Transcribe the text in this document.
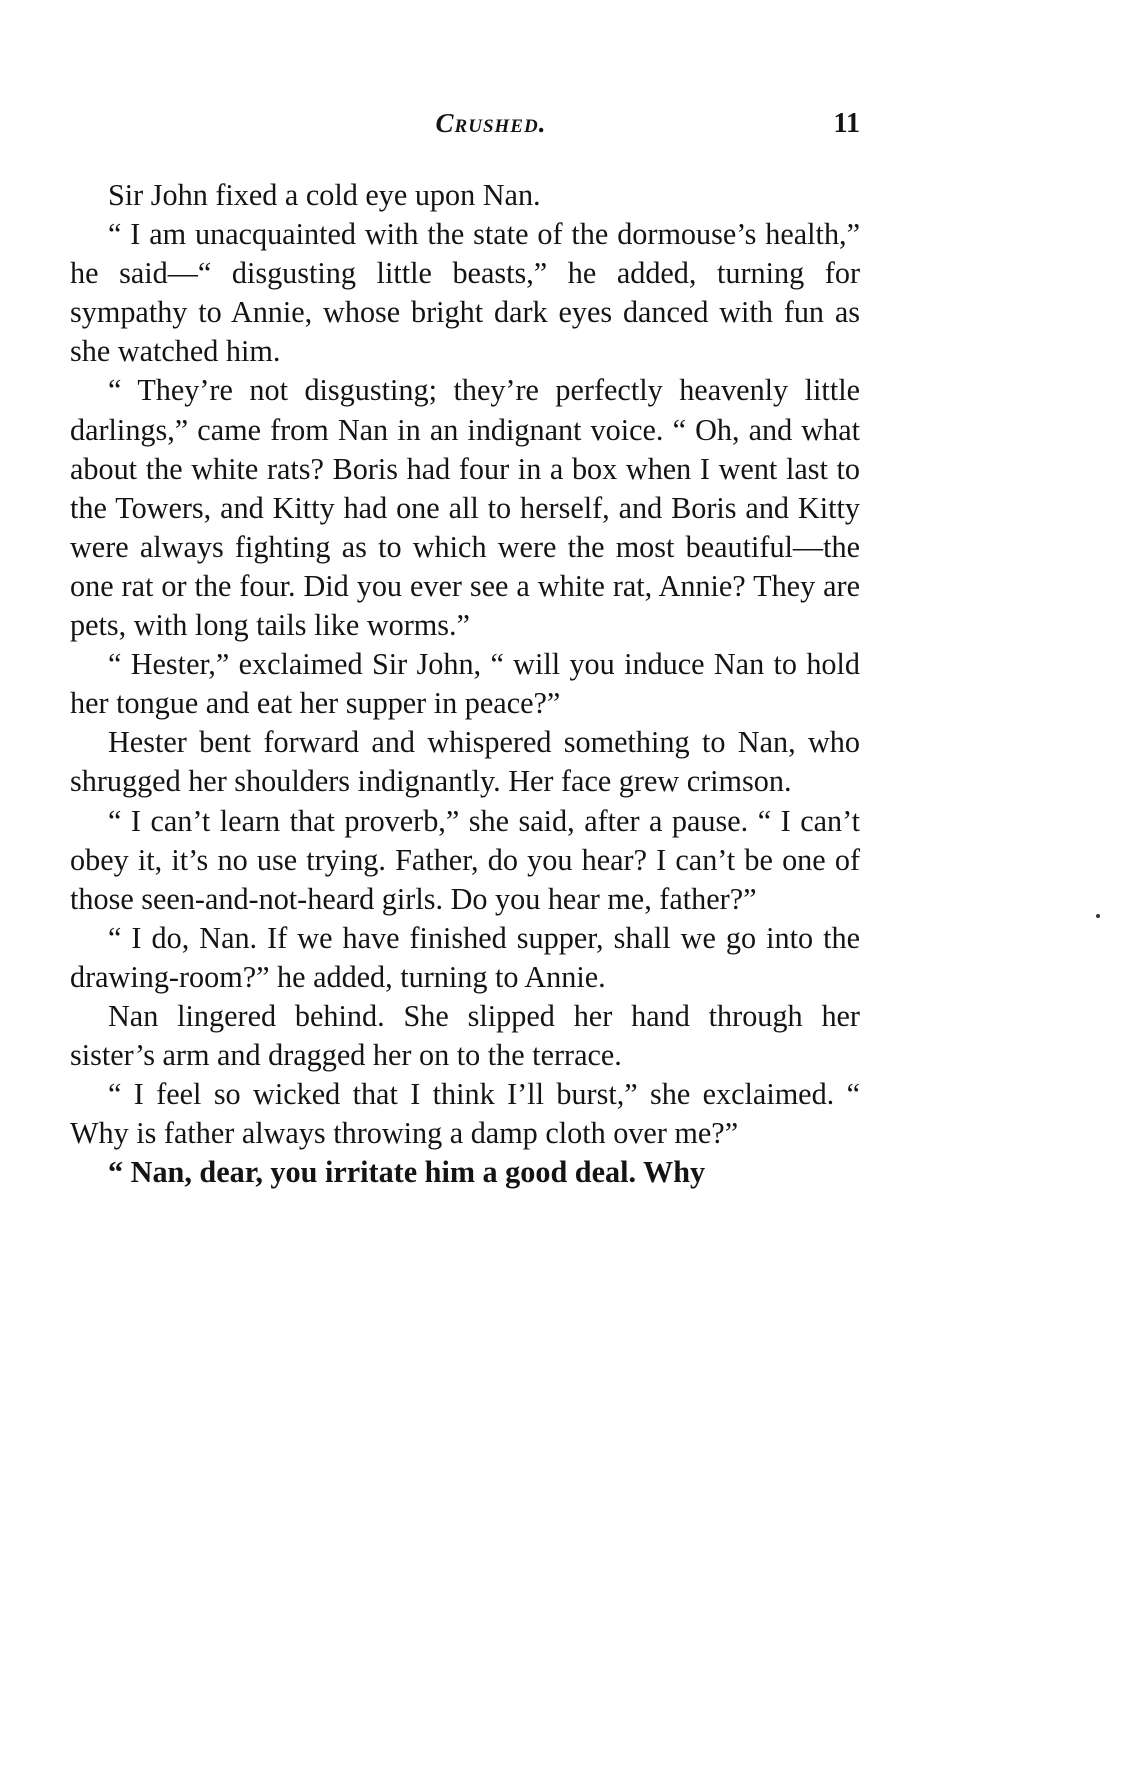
Crushed.	11

Sir John fixed a cold eye upon Nan.

“ I am unacquainted with the state of the dormouse’s health,” he said—“ disgusting little beasts,” he added, turning for sympathy to Annie, whose bright dark eyes danced with fun as she watched him.

“ They’re not disgusting; they’re perfectly heavenly little darlings,” came from Nan in an indignant voice. “ Oh, and what about the white rats? Boris had four in a box when I went last to the Towers, and Kitty had one all to herself, and Boris and Kitty were always fighting as to which were the most beautiful—the one rat or the four. Did you ever see a white rat, Annie? They are pets, with long tails like worms.”

“ Hester,” exclaimed Sir John, “ will you induce Nan to hold her tongue and eat her supper in peace?”

Hester bent forward and whispered something to Nan, who shrugged her shoulders indignantly. Her face grew crimson.

“ I can’t learn that proverb,” she said, after a pause. “ I can’t obey it, it’s no use trying. Father, do you hear? I can’t be one of those seen-and-not-heard girls. Do you hear me, father?”

“ I do, Nan. If we have finished supper, shall we go into the drawing-room?” he added, turning to Annie.

Nan lingered behind. She slipped her hand through her sister’s arm and dragged her on to the terrace.

“ I feel so wicked that I think I’ll burst,” she exclaimed. “ Why is father always throwing a damp cloth over me?”

“ Nan, dear, you irritate him a good deal. Why
